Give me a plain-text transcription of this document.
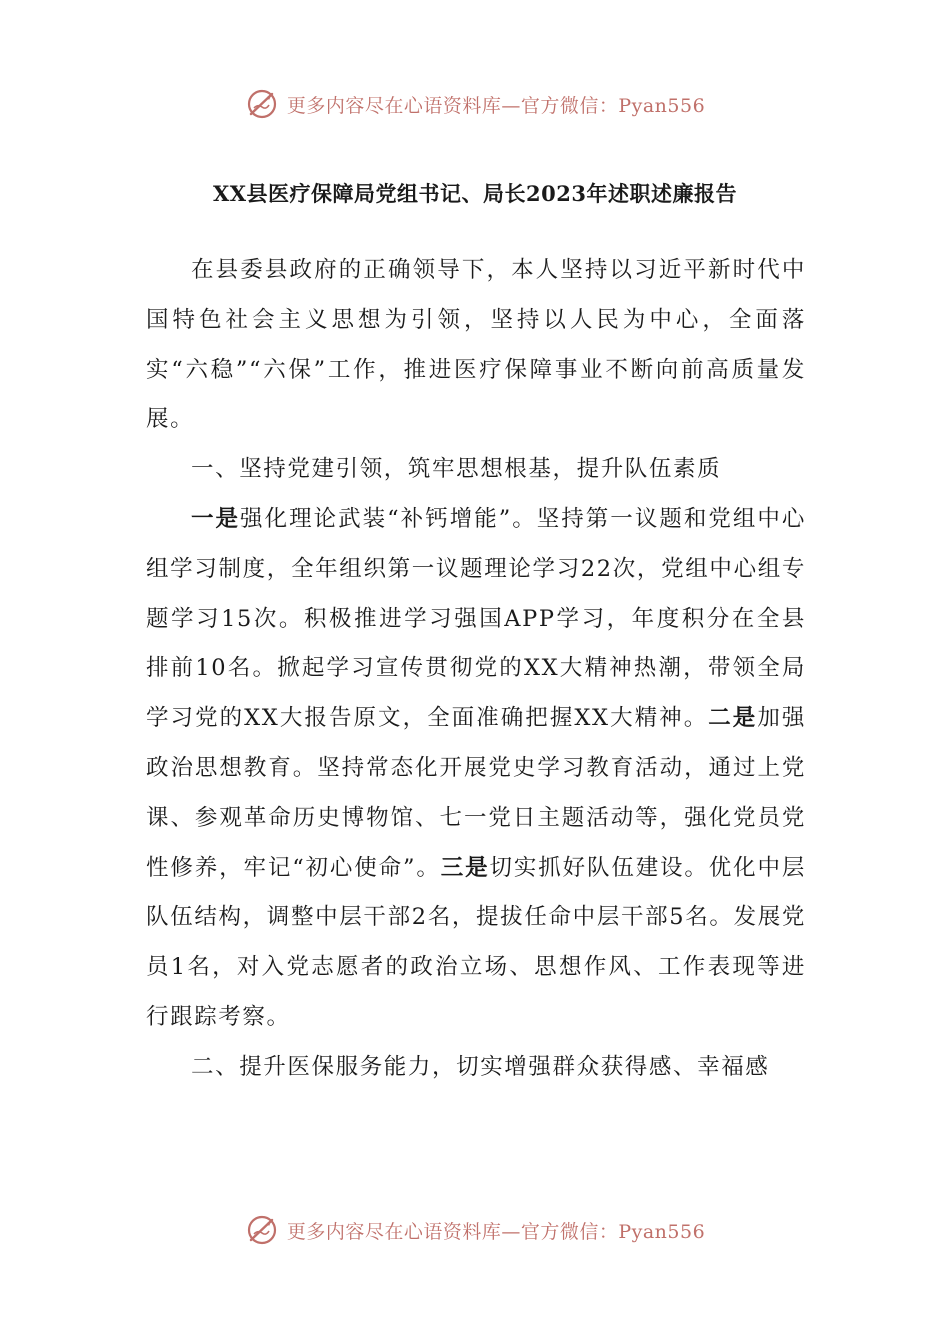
更多内容尽在心语资料库—官方微信：Pyan556
XX县医疗保障局党组书记、局长2023年述职述廉报告

在县委县政府的正确领导下，本人坚持以习近平新时代中国特色社会主义思想为引领，坚持以人民为中心，全面落实“六稳”“六保”工作，推进医疗保障事业不断向前高质量发展。

一、坚持党建引领，筑牢思想根基，提升队伍素质

一是强化理论武装“补钙增能”。坚持第一议题和党组中心组学习制度，全年组织第一议题理论学习22次，党组中心组专题学习15次。积极推进学习强国APP学习，年度积分在全县排前10名。掀起学习宣传贯彻党的XX大精神热潮，带领全局学习党的XX大报告原文，全面准确把握XX大精神。二是加强政治思想教育。坚持常态化开展党史学习教育活动，通过上党课、参观革命历史博物馆、七一党日主题活动等，强化党员党性修养，牢记“初心使命”。三是切实抓好队伍建设。优化中层队伍结构，调整中层干部2名，提拔任命中层干部5名。发展党员1名，对入党志愿者的政治立场、思想作风、工作表现等进行跟踪考察。

二、提升医保服务能力，切实增强群众获得感、幸福感

更多内容尽在心语资料库—官方微信：Pyan556
